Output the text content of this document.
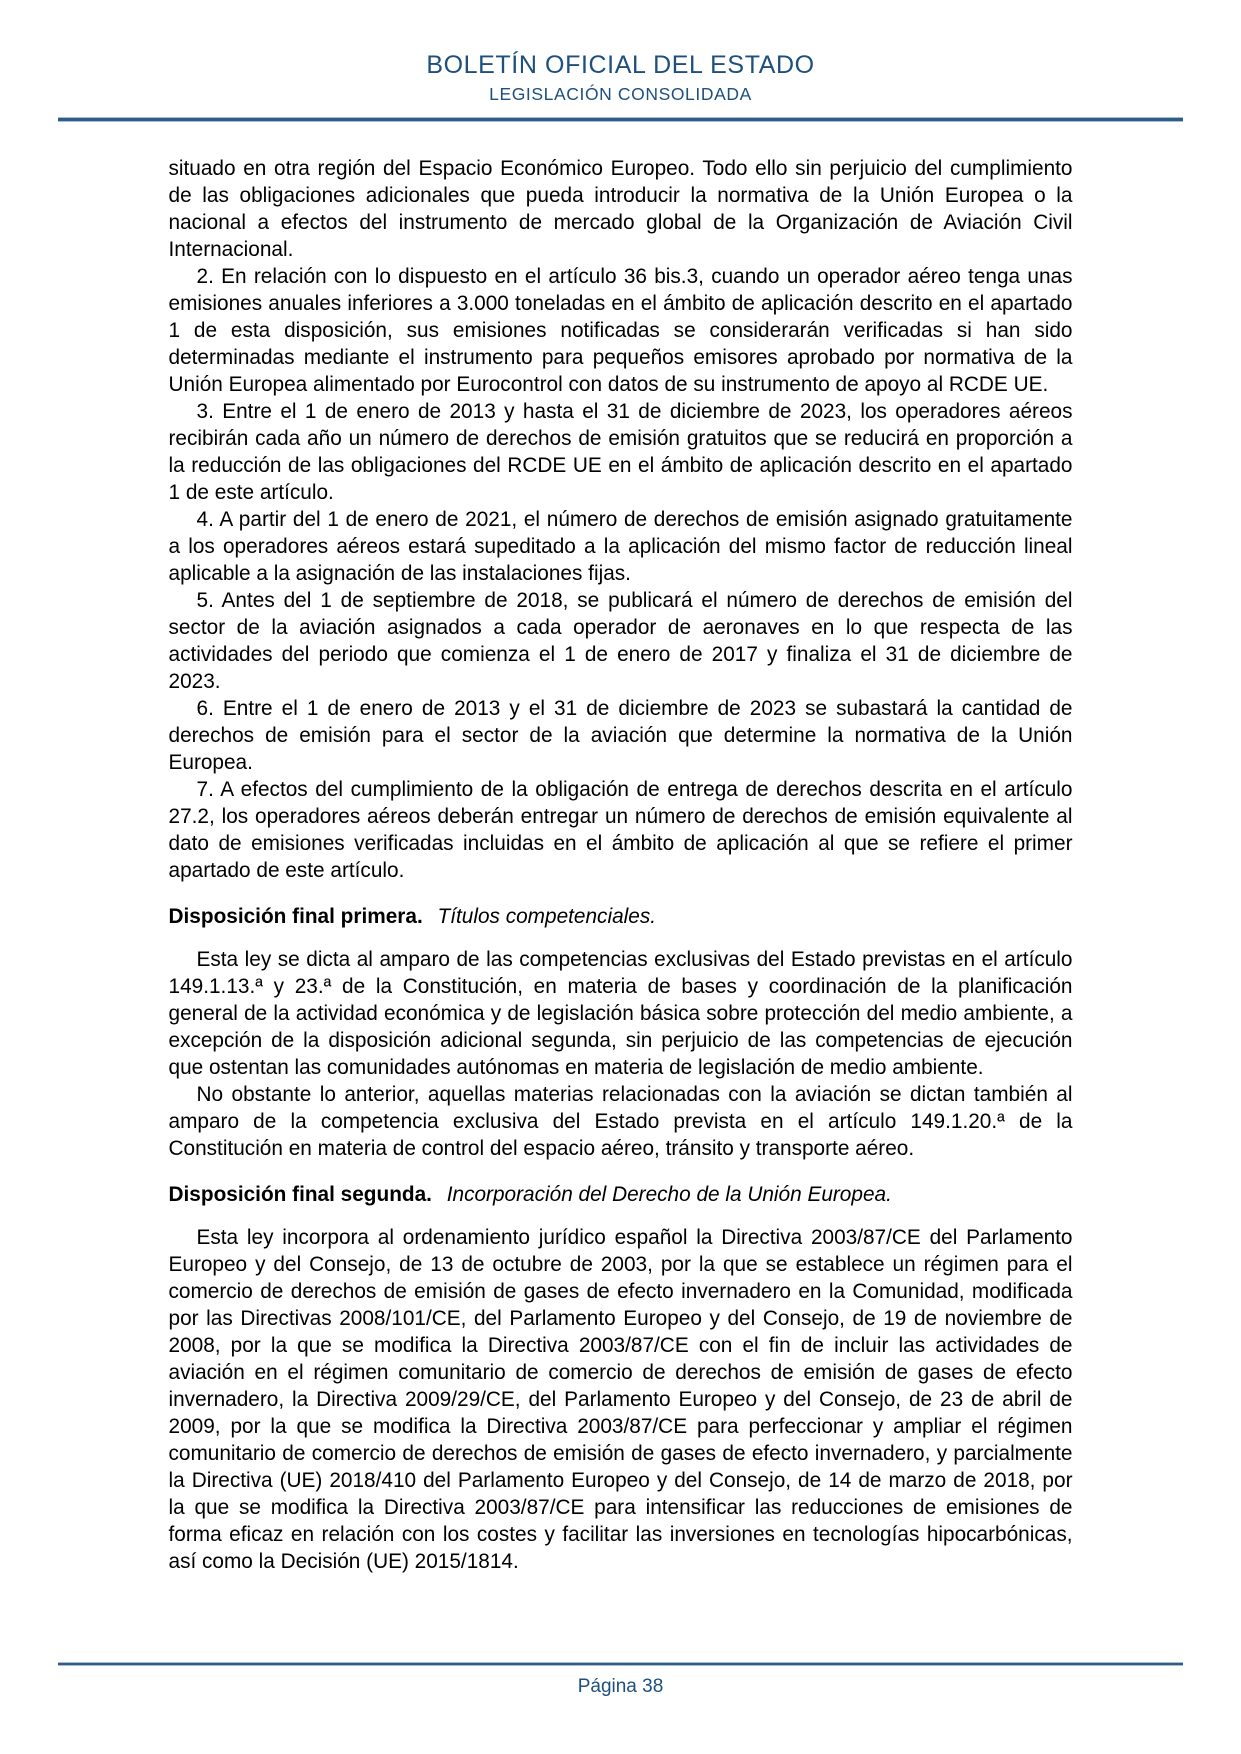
BOLETÍN OFICIAL DEL ESTADO
LEGISLACIÓN CONSOLIDADA

situado en otra región del Espacio Económico Europeo. Todo ello sin perjuicio del cumplimiento de las obligaciones adicionales que pueda introducir la normativa de la Unión Europea o la nacional a efectos del instrumento de mercado global de la Organización de Aviación Civil Internacional.

2. En relación con lo dispuesto en el artículo 36 bis.3, cuando un operador aéreo tenga unas emisiones anuales inferiores a 3.000 toneladas en el ámbito de aplicación descrito en el apartado 1 de esta disposición, sus emisiones notificadas se considerarán verificadas si han sido determinadas mediante el instrumento para pequeños emisores aprobado por normativa de la Unión Europea alimentado por Eurocontrol con datos de su instrumento de apoyo al RCDE UE.

3. Entre el 1 de enero de 2013 y hasta el 31 de diciembre de 2023, los operadores aéreos recibirán cada año un número de derechos de emisión gratuitos que se reducirá en proporción a la reducción de las obligaciones del RCDE UE en el ámbito de aplicación descrito en el apartado 1 de este artículo.

4. A partir del 1 de enero de 2021, el número de derechos de emisión asignado gratuitamente a los operadores aéreos estará supeditado a la aplicación del mismo factor de reducción lineal aplicable a la asignación de las instalaciones fijas.

5. Antes del 1 de septiembre de 2018, se publicará el número de derechos de emisión del sector de la aviación asignados a cada operador de aeronaves en lo que respecta de las actividades del periodo que comienza el 1 de enero de 2017 y finaliza el 31 de diciembre de 2023.

6. Entre el 1 de enero de 2013 y el 31 de diciembre de 2023 se subastará la cantidad de derechos de emisión para el sector de la aviación que determine la normativa de la Unión Europea.

7. A efectos del cumplimiento de la obligación de entrega de derechos descrita en el artículo 27.2, los operadores aéreos deberán entregar un número de derechos de emisión equivalente al dato de emisiones verificadas incluidas en el ámbito de aplicación al que se refiere el primer apartado de este artículo.

Disposición final primera. Títulos competenciales.

Esta ley se dicta al amparo de las competencias exclusivas del Estado previstas en el artículo 149.1.13.ª y 23.ª de la Constitución, en materia de bases y coordinación de la planificación general de la actividad económica y de legislación básica sobre protección del medio ambiente, a excepción de la disposición adicional segunda, sin perjuicio de las competencias de ejecución que ostentan las comunidades autónomas en materia de legislación de medio ambiente.

No obstante lo anterior, aquellas materias relacionadas con la aviación se dictan también al amparo de la competencia exclusiva del Estado prevista en el artículo 149.1.20.ª de la Constitución en materia de control del espacio aéreo, tránsito y transporte aéreo.

Disposición final segunda. Incorporación del Derecho de la Unión Europea.

Esta ley incorpora al ordenamiento jurídico español la Directiva 2003/87/CE del Parlamento Europeo y del Consejo, de 13 de octubre de 2003, por la que se establece un régimen para el comercio de derechos de emisión de gases de efecto invernadero en la Comunidad, modificada por las Directivas 2008/101/CE, del Parlamento Europeo y del Consejo, de 19 de noviembre de 2008, por la que se modifica la Directiva 2003/87/CE con el fin de incluir las actividades de aviación en el régimen comunitario de comercio de derechos de emisión de gases de efecto invernadero, la Directiva 2009/29/CE, del Parlamento Europeo y del Consejo, de 23 de abril de 2009, por la que se modifica la Directiva 2003/87/CE para perfeccionar y ampliar el régimen comunitario de comercio de derechos de emisión de gases de efecto invernadero, y parcialmente la Directiva (UE) 2018/410 del Parlamento Europeo y del Consejo, de 14 de marzo de 2018, por la que se modifica la Directiva 2003/87/CE para intensificar las reducciones de emisiones de forma eficaz en relación con los costes y facilitar las inversiones en tecnologías hipocarbónicas, así como la Decisión (UE) 2015/1814.

Página 38
